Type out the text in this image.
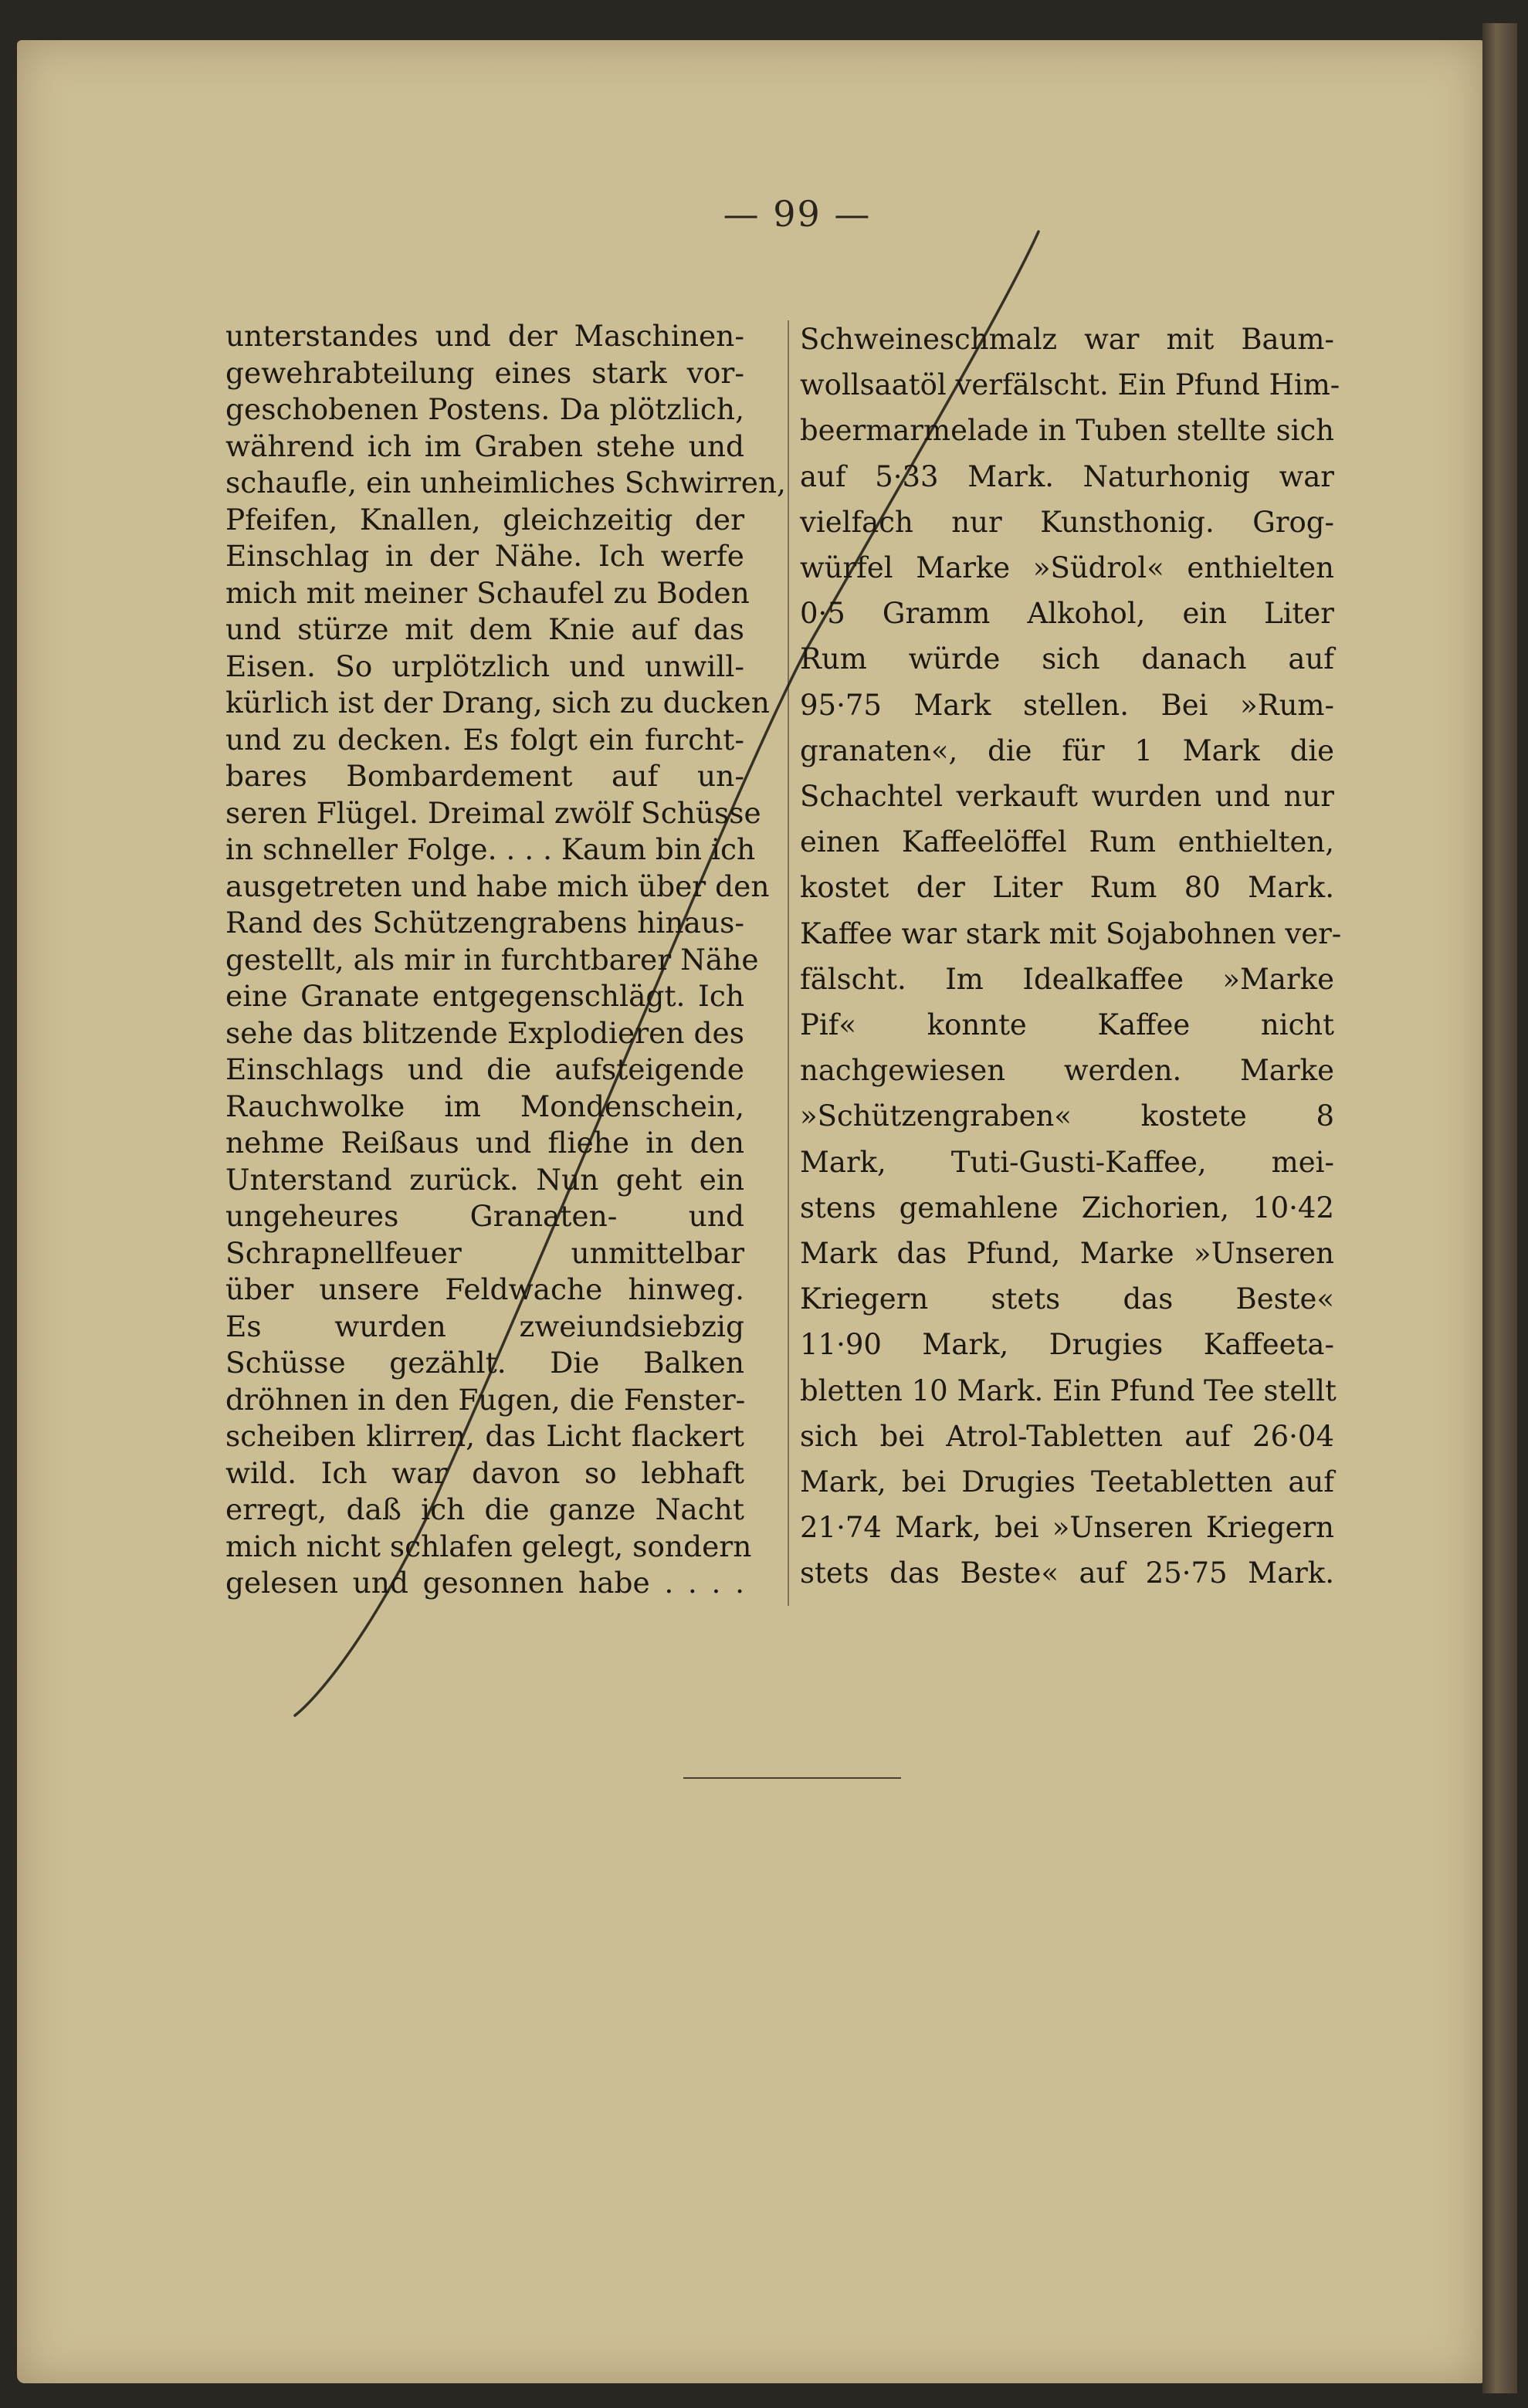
— 99 —
unterstandes und der Maschinen-
gewehrabteilung eines stark vor-
geschobenen Postens. Da plötzlich,
während ich im Graben stehe und
schaufle, ein unheimliches Schwirren,
Pfeifen, Knallen, gleichzeitig der
Einschlag in der Nähe. Ich werfe
mich mit meiner Schaufel zu Boden
und stürze mit dem Knie auf das
Eisen. So urplötzlich und unwill-
kürlich ist der Drang, sich zu ducken
und zu decken. Es folgt ein furcht-
bares Bombardement auf un-
seren Flügel. Dreimal zwölf Schüsse
in schneller Folge. . . . Kaum bin ich
ausgetreten und habe mich über den
Rand des Schützengrabens hinaus-
gestellt, als mir in furchtbarer Nähe
eine Granate entgegenschlägt. Ich
sehe das blitzende Explodieren des
Einschlags und die aufsteigende
Rauchwolke im Mondenschein,
nehme Reißaus und fliehe in den
Unterstand zurück. Nun geht ein
ungeheures Granaten- und
Schrapnellfeuer unmittelbar
über unsere Feldwache hinweg.
Es wurden zweiundsiebzig
Schüsse gezählt. Die Balken
dröhnen in den Fugen, die Fenster-
scheiben klirren, das Licht flackert
wild. Ich war davon so lebhaft
erregt, daß ich die ganze Nacht
mich nicht schlafen gelegt, sondern
gelesen und gesonnen habe . . . .
Schweineschmalz war mit Baum-
wollsaatöl verfälscht. Ein Pfund Him-
beermarmelade in Tuben stellte sich
auf 5·33 Mark. Naturhonig war
vielfach nur Kunsthonig. Grog-
würfel Marke »Südrol« enthielten
0·5 Gramm Alkohol, ein Liter
Rum würde sich danach auf
95·75 Mark stellen. Bei »Rum-
granaten«, die für 1 Mark die
Schachtel verkauft wurden und nur
einen Kaffeelöffel Rum enthielten,
kostet der Liter Rum 80 Mark.
Kaffee war stark mit Sojabohnen ver-
fälscht. Im Idealkaffee »Marke
Pif« konnte Kaffee nicht
nachgewiesen werden. Marke
»Schützengraben« kostete 8
Mark, Tuti-Gusti-Kaffee, mei-
stens gemahlene Zichorien, 10·42
Mark das Pfund, Marke »Unseren
Kriegern stets das Beste«
11·90 Mark, Drugies Kaffeeta-
bletten 10 Mark. Ein Pfund Tee stellt
sich bei Atrol-Tabletten auf 26·04
Mark, bei Drugies Teetabletten auf
21·74 Mark, bei »Unseren Kriegern
stets das Beste« auf 25·75 Mark.
